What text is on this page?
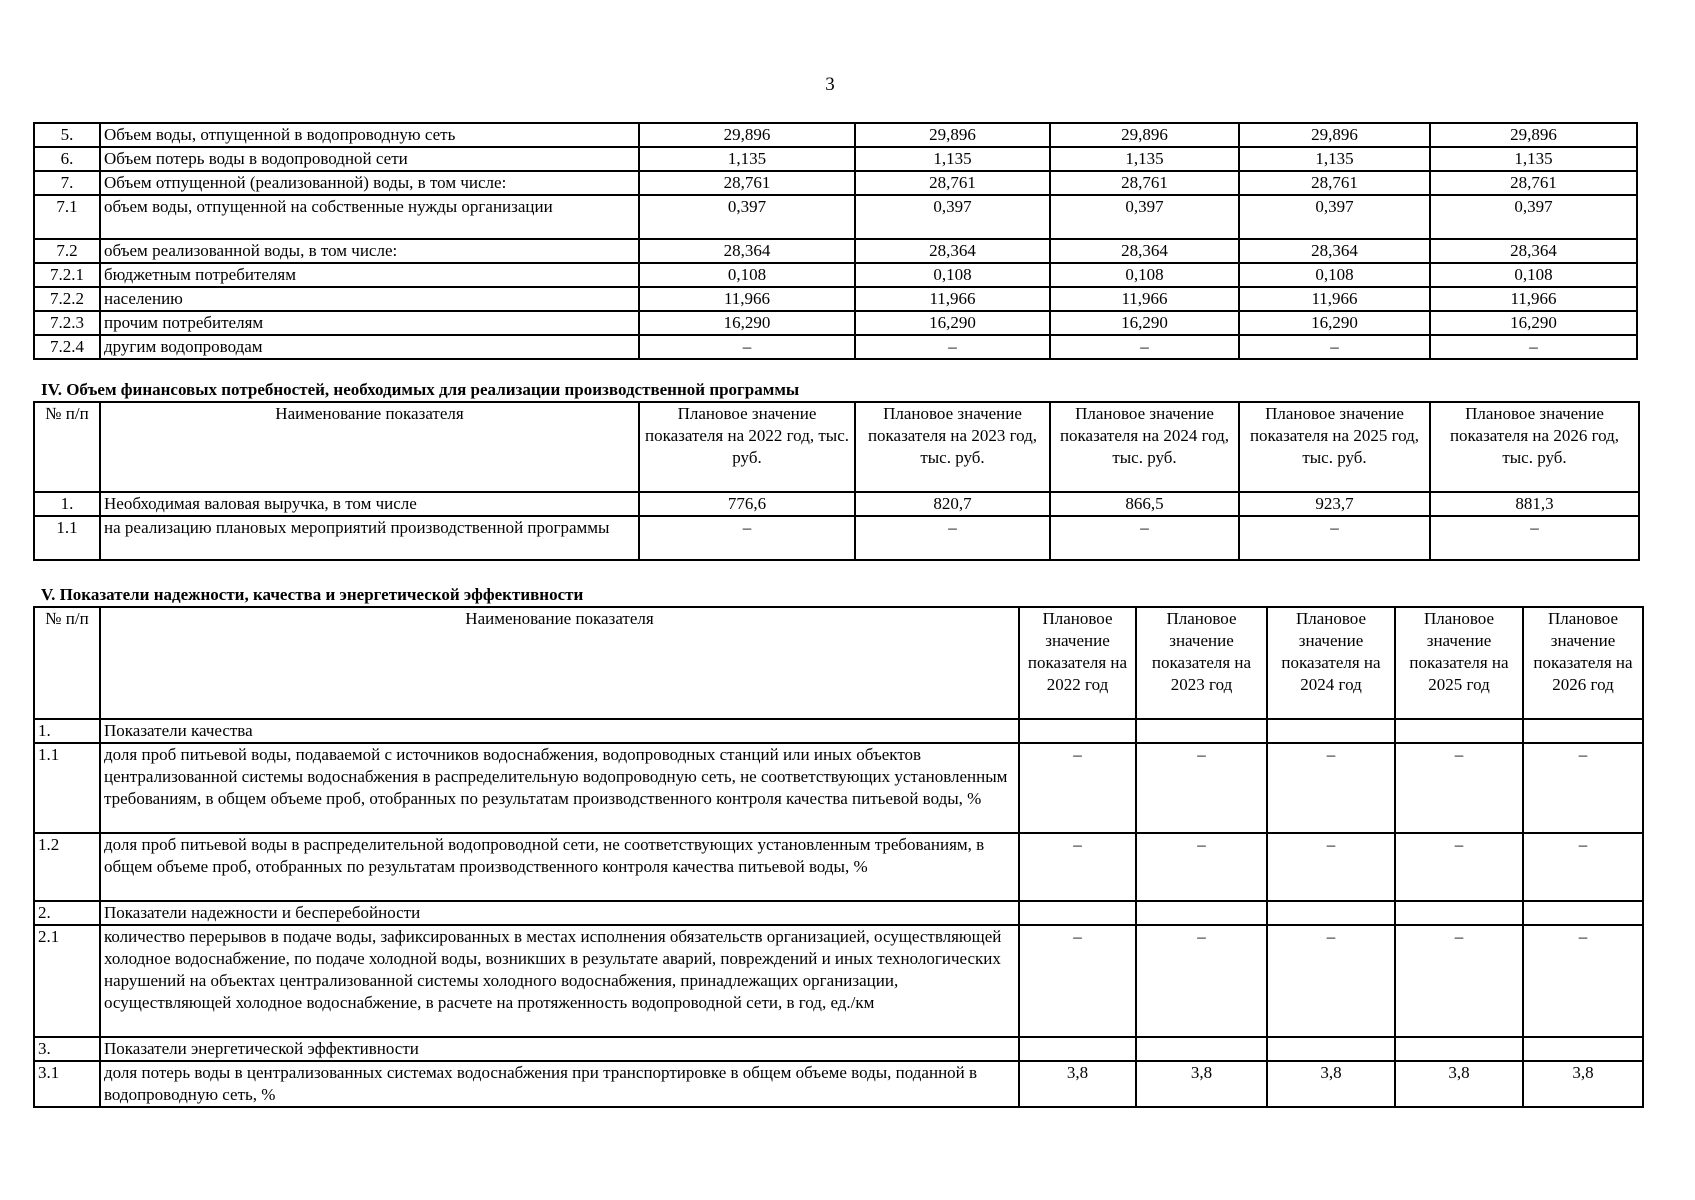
3
5.	Объем воды, отпущенной в водопроводную сеть	29,896	29,896	29,896	29,896	29,896
6.	Объем потерь воды в водопроводной сети	1,135	1,135	1,135	1,135	1,135
7.	Объем отпущенной (реализованной) воды, в том числе:	28,761	28,761	28,761	28,761	28,761
7.1	объем воды, отпущенной на собственные нужды организации	0,397	0,397	0,397	0,397	0,397
7.2	объем реализованной воды, в том числе:	28,364	28,364	28,364	28,364	28,364
7.2.1	бюджетным потребителям	0,108	0,108	0,108	0,108	0,108
7.2.2	населению	11,966	11,966	11,966	11,966	11,966
7.2.3	прочим потребителям	16,290	16,290	16,290	16,290	16,290
7.2.4	другим водопроводам	–	–	–	–	–
IV. Объем финансовых потребностей, необходимых для реализации производственной программы
№ п/п	Наименование показателя	Плановое значение показателя на 2022 год, тыс. руб.	Плановое значение показателя на 2023 год, тыс. руб.	Плановое значение показателя на 2024 год, тыс. руб.	Плановое значение показателя на 2025 год, тыс. руб.	Плановое значение показателя на 2026 год, тыс. руб.
1.	Необходимая валовая выручка, в том числе	776,6	820,7	866,5	923,7	881,3
1.1	на реализацию плановых мероприятий производственной программы	–	–	–	–	–
V. Показатели надежности, качества и энергетической эффективности
№ п/п	Наименование показателя	Плановое значение показателя на 2022 год	Плановое значение показателя на 2023 год	Плановое значение показателя на 2024 год	Плановое значение показателя на 2025 год	Плановое значение показателя на 2026 год
1.	Показатели качества					
1.1	доля проб питьевой воды, подаваемой с источников водоснабжения, водопроводных станций или иных объектов централизованной системы водоснабжения в распределительную водопроводную сеть, не соответствующих установленным требованиям, в общем объеме проб, отобранных по результатам производственного контроля качества питьевой воды, %	–	–	–	–	–
1.2	доля проб питьевой воды в распределительной водопроводной сети, не соответствующих установленным требованиям, в общем объеме проб, отобранных по результатам производственного контроля качества питьевой воды, %	–	–	–	–	–
2.	Показатели надежности и бесперебойности					
2.1	количество перерывов в подаче воды, зафиксированных в местах исполнения обязательств организацией, осуществляющей холодное водоснабжение, по подаче холодной воды, возникших в результате аварий, повреждений и иных технологических нарушений на объектах централизованной системы холодного водоснабжения, принадлежащих организации, осуществляющей холодное водоснабжение, в расчете на протяженность водопроводной сети, в год, ед./км	–	–	–	–	–
3.	Показатели энергетической эффективности					
3.1	доля потерь воды в централизованных системах водоснабжения при транспортировке в общем объеме воды, поданной в водопроводную сеть, %	3,8	3,8	3,8	3,8	3,8
